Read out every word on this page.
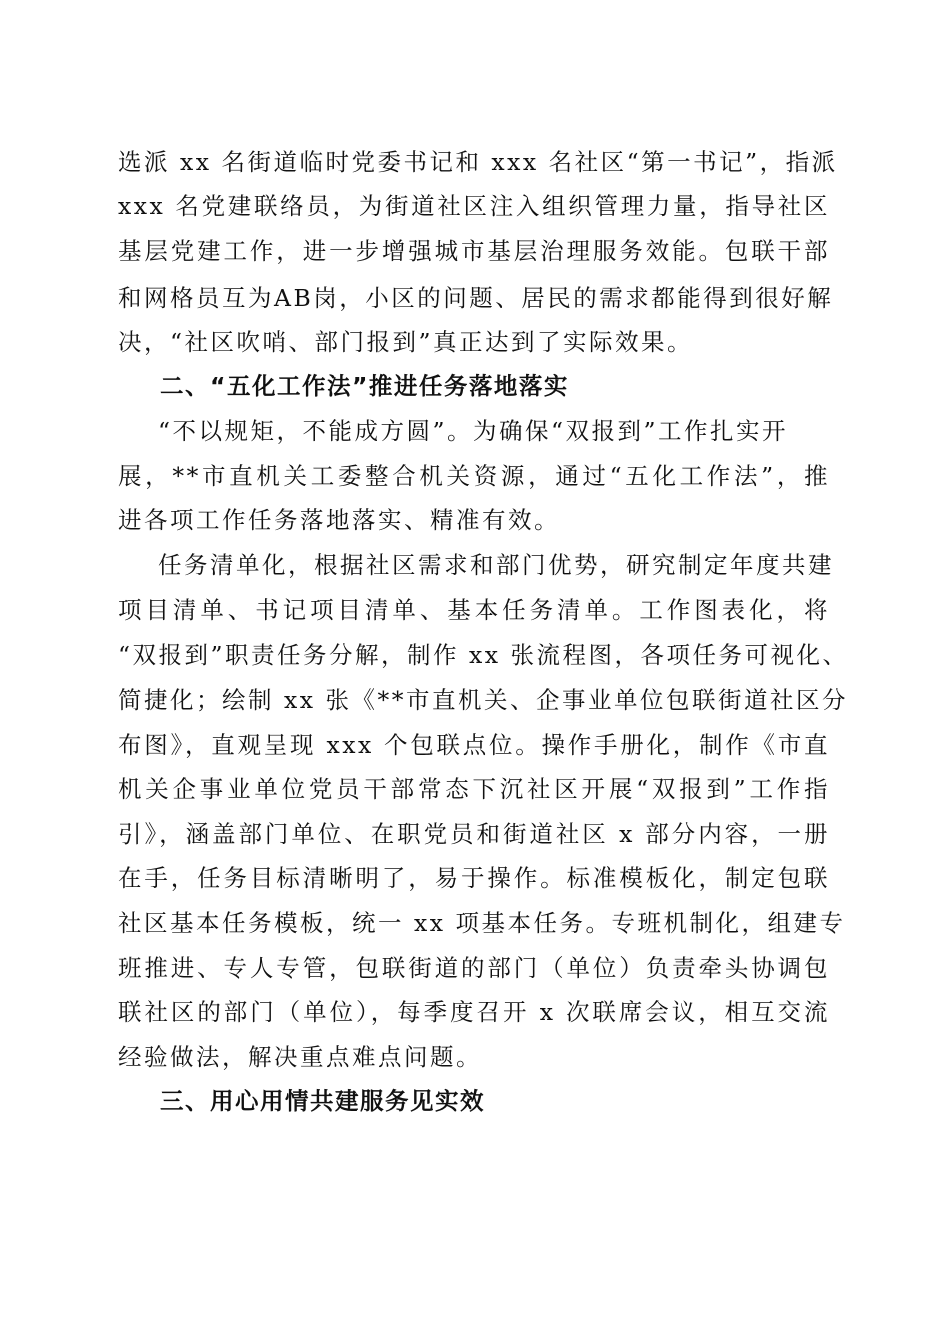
选派 xx 名街道临时党委书记和 xxx 名社区“第一书记”，指派
xxx 名党建联络员，为街道社区注入组织管理力量，指导社区
基层党建工作，进一步增强城市基层治理服务效能。包联干部
和网格员互为AB岗，小区的问题、居民的需求都能得到很好解
决，“社区吹哨、部门报到”真正达到了实际效果。
二、“五化工作法”推进任务落地落实
“不以规矩，不能成方圆”。为确保“双报到”工作扎实开
展，**市直机关工委整合机关资源，通过“五化工作法”，推
进各项工作任务落地落实、精准有效。
任务清单化，根据社区需求和部门优势，研究制定年度共建
项目清单、书记项目清单、基本任务清单。工作图表化，将
“双报到”职责任务分解，制作 xx 张流程图，各项任务可视化、
简捷化；绘制 xx 张《**市直机关、企事业单位包联街道社区分
布图》，直观呈现 xxx 个包联点位。操作手册化，制作《市直
机关企事业单位党员干部常态下沉社区开展“双报到”工作指
引》，涵盖部门单位、在职党员和街道社区 x 部分内容，一册
在手，任务目标清晰明了，易于操作。标准模板化，制定包联
社区基本任务模板，统一 xx 项基本任务。专班机制化，组建专
班推进、专人专管，包联街道的部门（单位）负责牵头协调包
联社区的部门（单位），每季度召开 x 次联席会议，相互交流
经验做法，解决重点难点问题。
三、用心用情共建服务见实效
